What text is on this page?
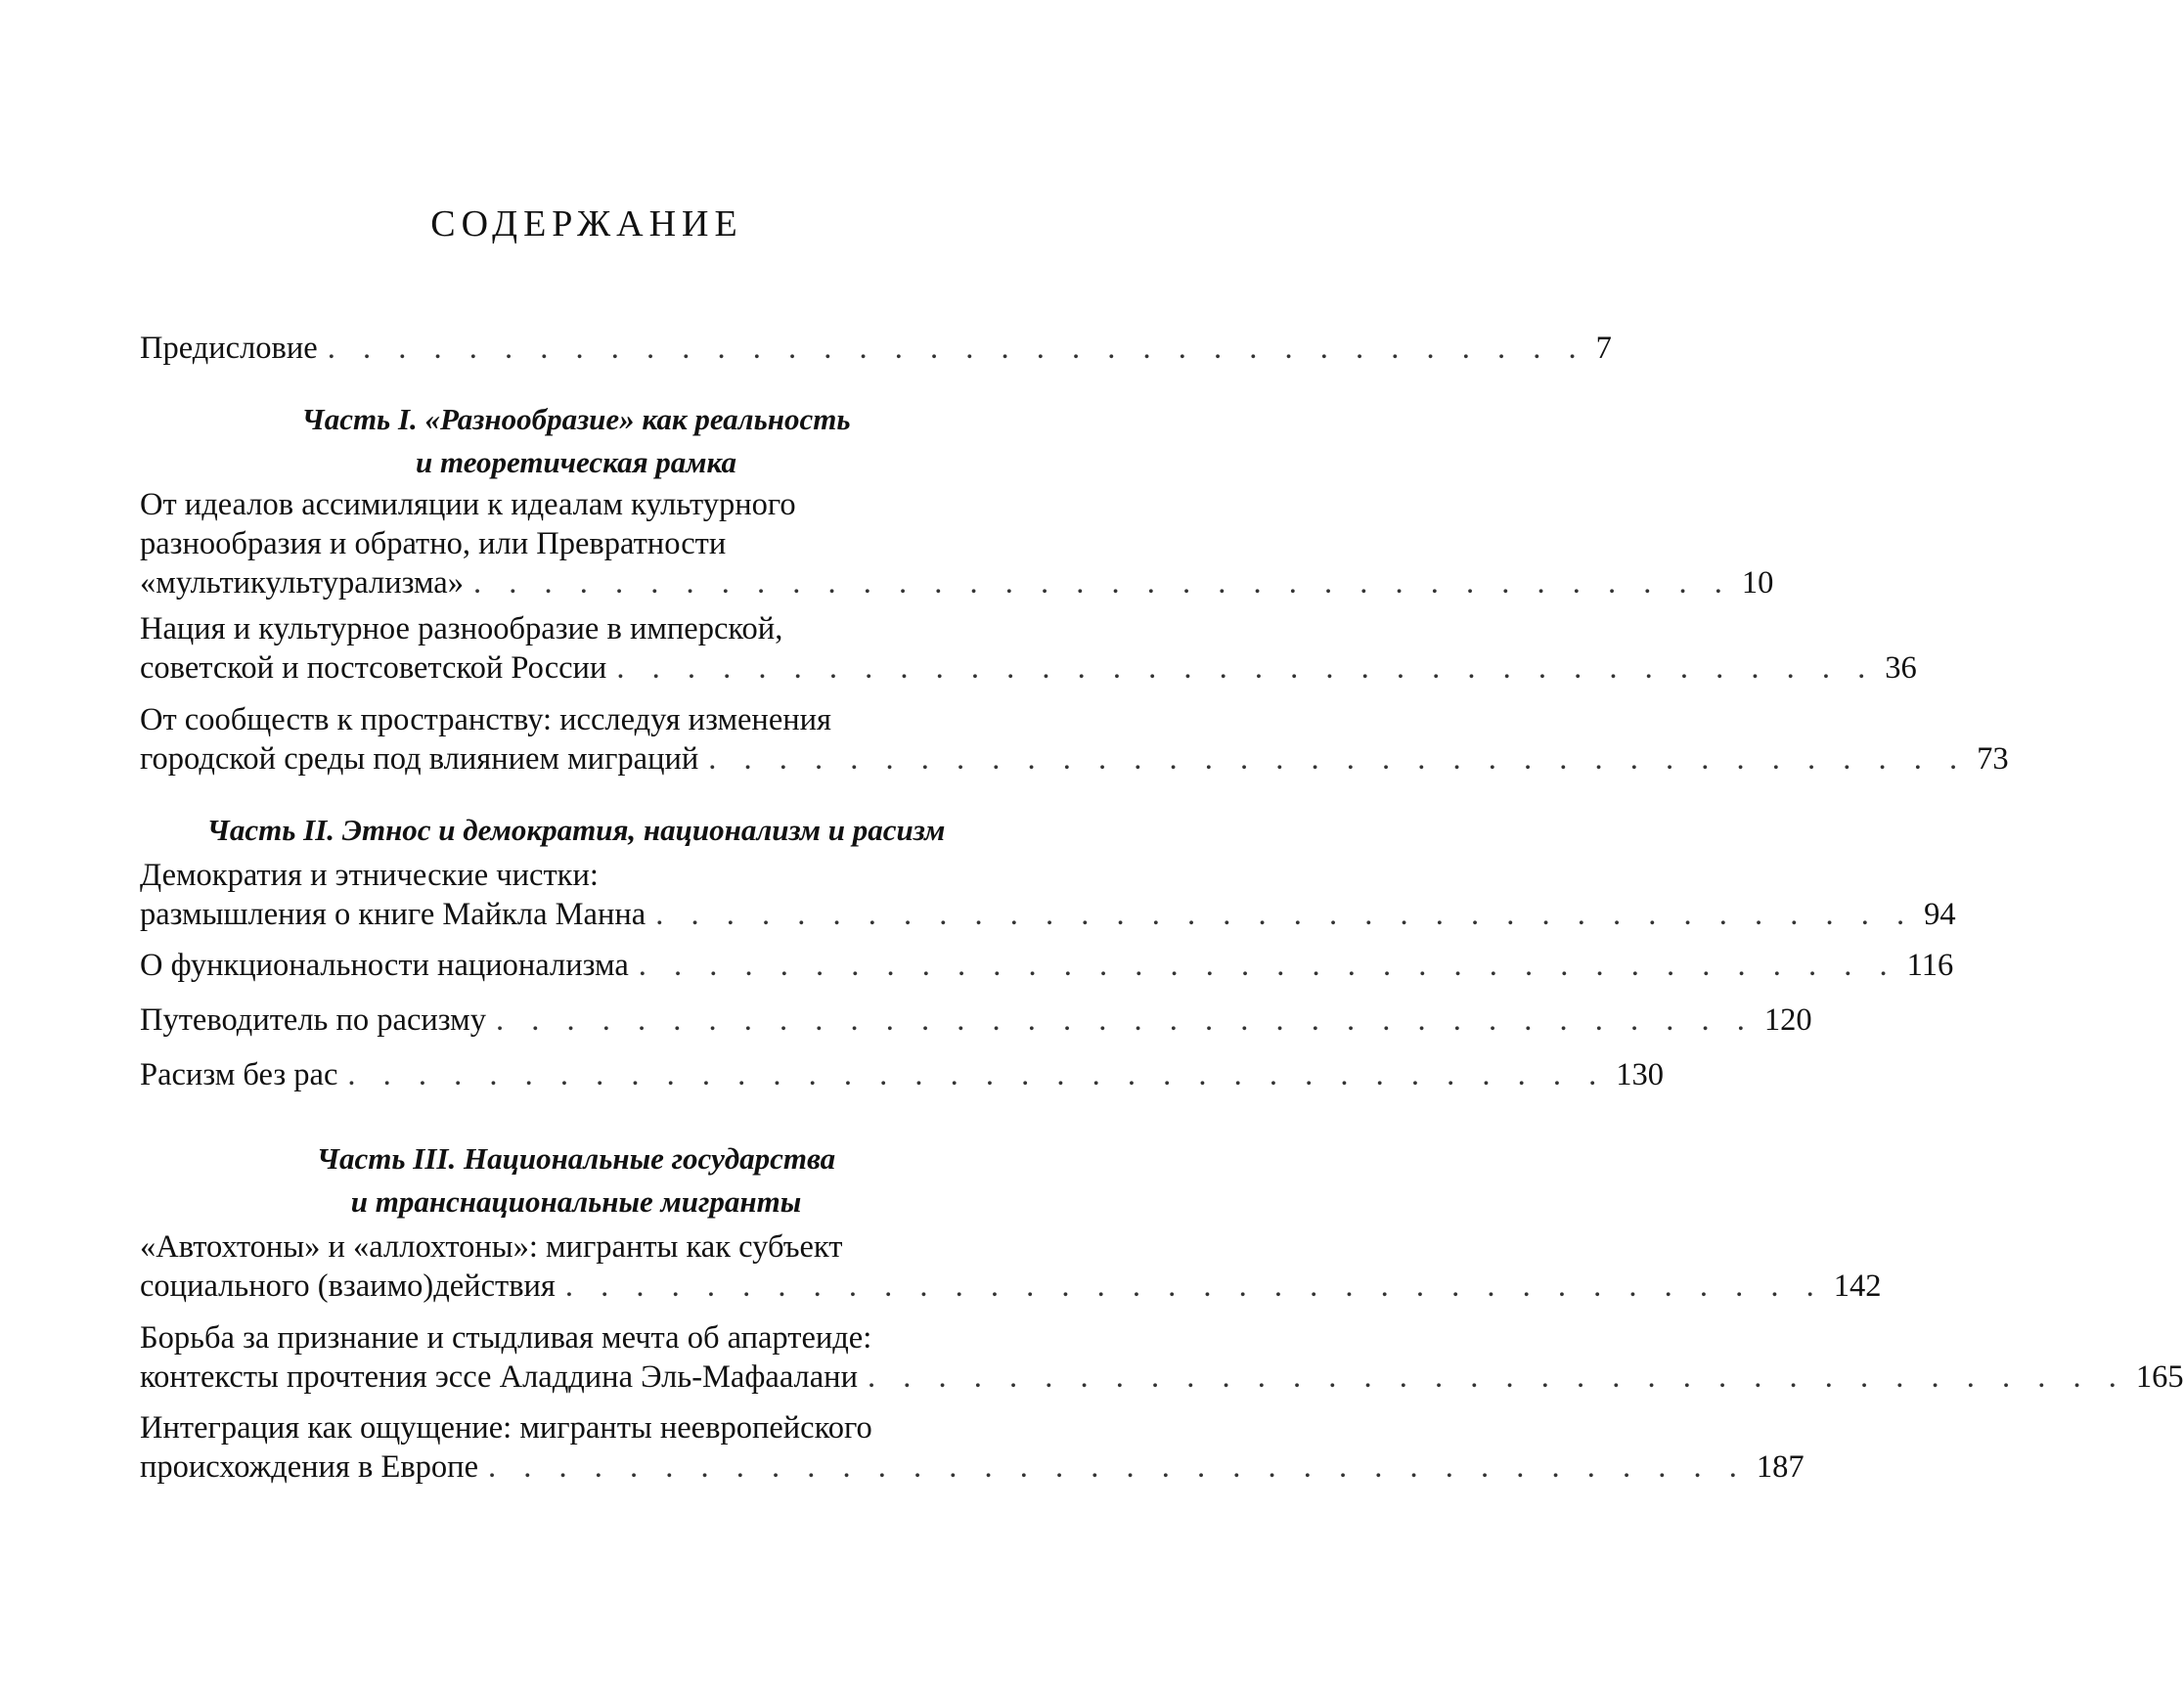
СОДЕРЖАНИЕ
Предисловие . . . . . . . . . . . . . . . . . . . . . . . . . . . . . . . . . . . . 7
Часть I. «Разнообразие» как реальность
и теоретическая рамка
От идеалов ассимиляции к идеалам культурного
разнообразия и обратно, или Превратности
«мультикультурализма» . . . . . . . . . . . . . . . . . . . . . . . . . . . . . . . . . . . . 10
Нация и культурное разнообразие в имперской,
советской и постсоветской России . . . . . . . . . . . . . . . . . . . . . . . . . . . . . . . . . . . . 36
От сообществ к пространству: исследуя изменения
городской среды под влиянием миграций . . . . . . . . . . . . . . . . . . . . . . . . . . . . . . . . . . . . 73
Часть II. Этнос и демократия, национализм и расизм
Демократия и этнические чистки:
размышления о книге Майкла Манна . . . . . . . . . . . . . . . . . . . . . . . . . . . . . . . . . . . . 94
О функциональности национализма . . . . . . . . . . . . . . . . . . . . . . . . . . . . . . . . . . . . 116
Путеводитель по расизму . . . . . . . . . . . . . . . . . . . . . . . . . . . . . . . . . . . . 120
Расизм без рас . . . . . . . . . . . . . . . . . . . . . . . . . . . . . . . . . . . . 130
Часть III. Национальные государства
и транснациональные мигранты
«Автохтоны» и «аллохтоны»: мигранты как субъект
социального (взаимо)действия . . . . . . . . . . . . . . . . . . . . . . . . . . . . . . . . . . . . 142
Борьба за признание и стыдливая мечта об апартеиде:
контексты прочтения эссе Аладдина Эль-Мафаалани . . . . . . . . . . . . . . . . . . . . . . . . . . . . . . . . . . . . 165
Интеграция как ощущение: мигранты неевропейского
происхождения в Европе . . . . . . . . . . . . . . . . . . . . . . . . . . . . . . . . . . . . 187
